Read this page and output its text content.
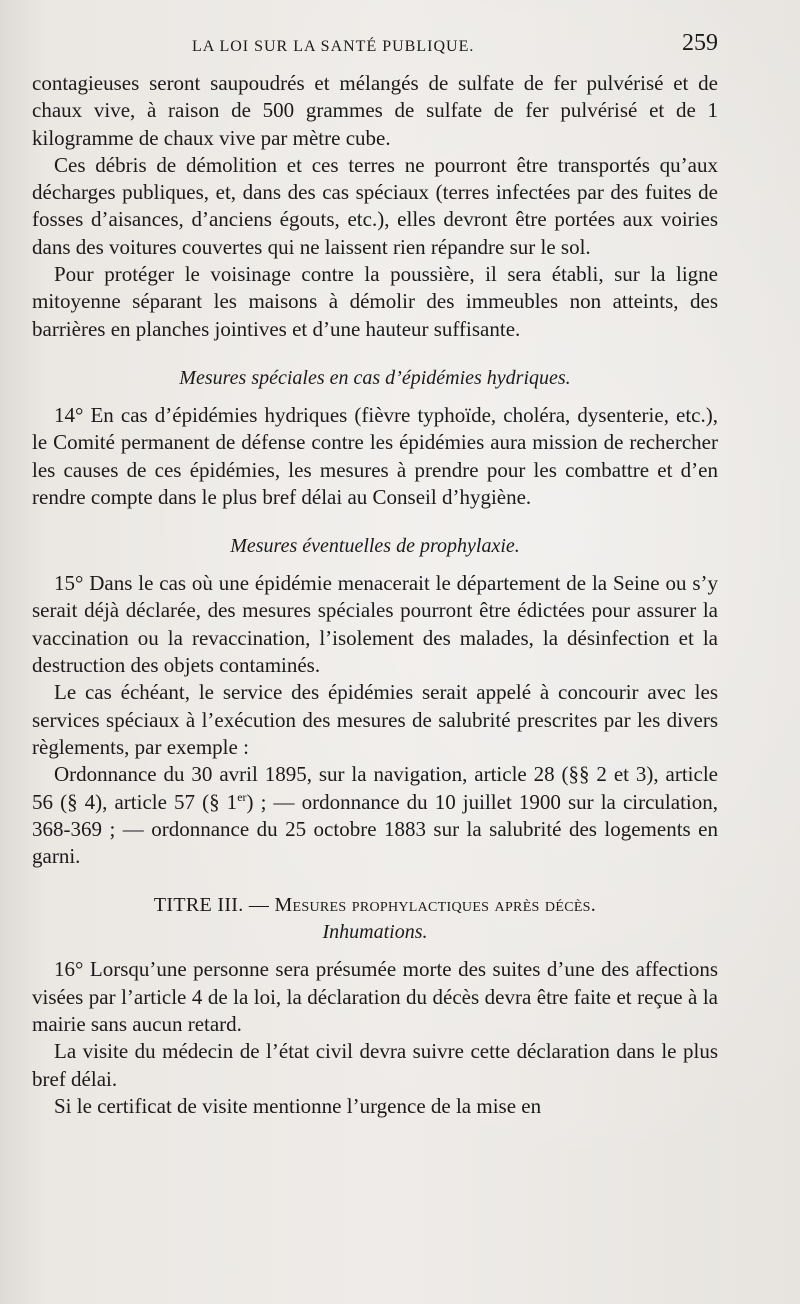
LA LOI SUR LA SANTÉ PUBLIQUE.	259

contagieuses seront saupoudrés et mélangés de sulfate de fer pulvérisé et de chaux vive, à raison de 500 grammes de sulfate de fer pulvérisé et de 1 kilogramme de chaux vive par mètre cube.

Ces débris de démolition et ces terres ne pourront être transportés qu’aux décharges publiques, et, dans des cas spéciaux (terres infectées par des fuites de fosses d’aisances, d’anciens égouts, etc.), elles devront être portées aux voiries dans des voitures couvertes qui ne laissent rien répandre sur le sol.

Pour protéger le voisinage contre la poussière, il sera établi, sur la ligne mitoyenne séparant les maisons à démolir des immeubles non atteints, des barrières en planches jointives et d’une hauteur suffisante.

Mesures spéciales en cas d’épidémies hydriques.

14° En cas d’épidémies hydriques (fièvre typhoïde, choléra, dysenterie, etc.), le Comité permanent de défense contre les épidémies aura mission de rechercher les causes de ces épidémies, les mesures à prendre pour les combattre et d’en rendre compte dans le plus bref délai au Conseil d’hygiène.

Mesures éventuelles de prophylaxie.

15° Dans le cas où une épidémie menacerait le département de la Seine ou s’y serait déjà déclarée, des mesures spéciales pourront être édictées pour assurer la vaccination ou la revaccination, l’isolement des malades, la désinfection et la destruction des objets contaminés.

Le cas échéant, le service des épidémies serait appelé à concourir avec les services spéciaux à l’exécution des mesures de salubrité prescrites par les divers règlements, par exemple :

Ordonnance du 30 avril 1895, sur la navigation, article 28 (§§ 2 et 3), article 56 (§ 4), article 57 (§ 1er) ; — ordonnance du 10 juillet 1900 sur la circulation, 368-369 ; — ordonnance du 25 octobre 1883 sur la salubrité des logements en garni.

TITRE III. — Mesures prophylactiques après décès.

Inhumations.

16° Lorsqu’une personne sera présumée morte des suites d’une des affections visées par l’article 4 de la loi, la déclaration du décès devra être faite et reçue à la mairie sans aucun retard.

La visite du médecin de l’état civil devra suivre cette déclaration dans le plus bref délai.

Si le certificat de visite mentionne l’urgence de la mise en
